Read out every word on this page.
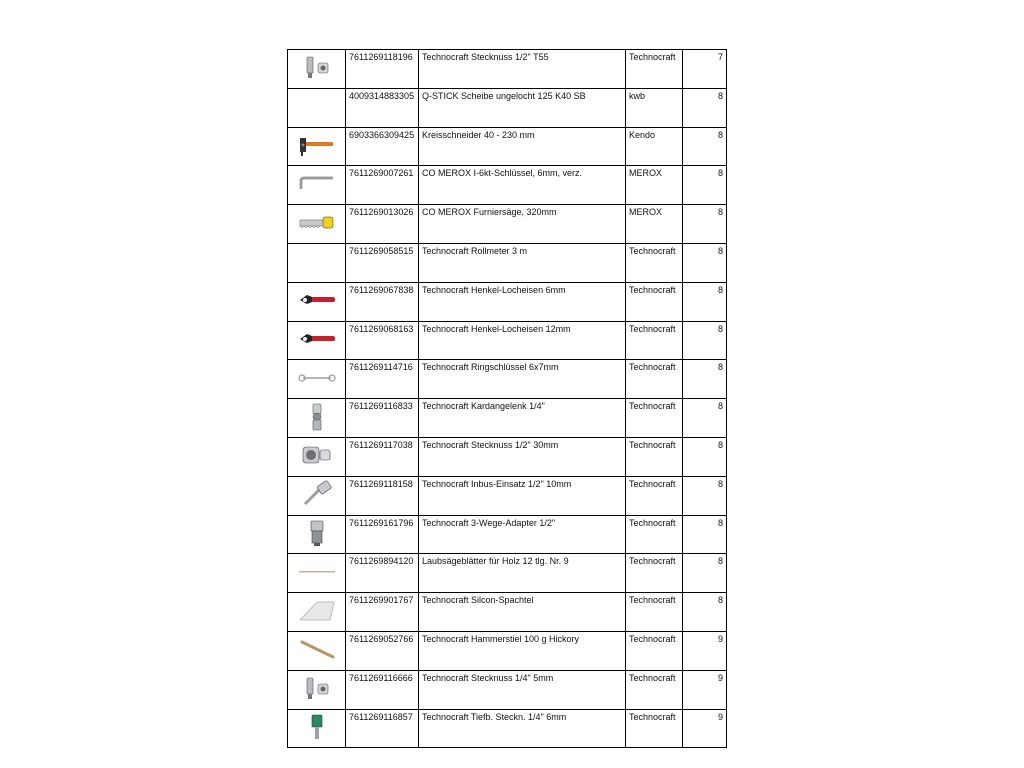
	7611269118196	Technocraft Stecknuss 1/2" T55	Technocraft	7
	4009314883305	Q-STICK Scheibe ungelocht 125 K40 SB	kwb	8

	6903366309425	Kreisschneider 40 - 230 mm	Kendo	8

	7611269007261	CO MEROX I-6kt-Schlüssel, 6mm, verz.	MEROX	8

	7611269013026	CO MEROX Furniersäge, 320mm	MEROX	8
	7611269058515	Technocraft Rollmeter 3 m	Technocraft	8

	7611269067838	Technocraft Henkel-Locheisen 6mm	Technocraft	8

	7611269068163	Technocraft Henkel-Locheisen 12mm	Technocraft	8

	7611269114716	Technocraft Ringschlüssel 6x7mm	Technocraft	8

	7611269116833	Technocraft Kardangelenk 1/4"	Technocraft	8

	7611269117038	Technocraft Stecknuss 1/2" 30mm	Technocraft	8

	7611269118158	Technocraft Inbus-Einsatz 1/2" 10mm	Technocraft	8

	7611269161796	Technocraft 3-Wege-Adapter 1/2"	Technocraft	8

	7611269894120	Laubsägeblätter für Holz 12 tlg. Nr. 9	Technocraft	8

	7611269901767	Technocraft Silcon-Spachtel	Technocraft	8

	7611269052766	Technocraft Hammerstiel 100 g Hickory	Technocraft	9

	7611269116666	Technocraft Stecknuss 1/4" 5mm	Technocraft	9

	7611269116857	Technocraft Tiefb. Steckn. 1/4" 6mm	Technocraft	9
